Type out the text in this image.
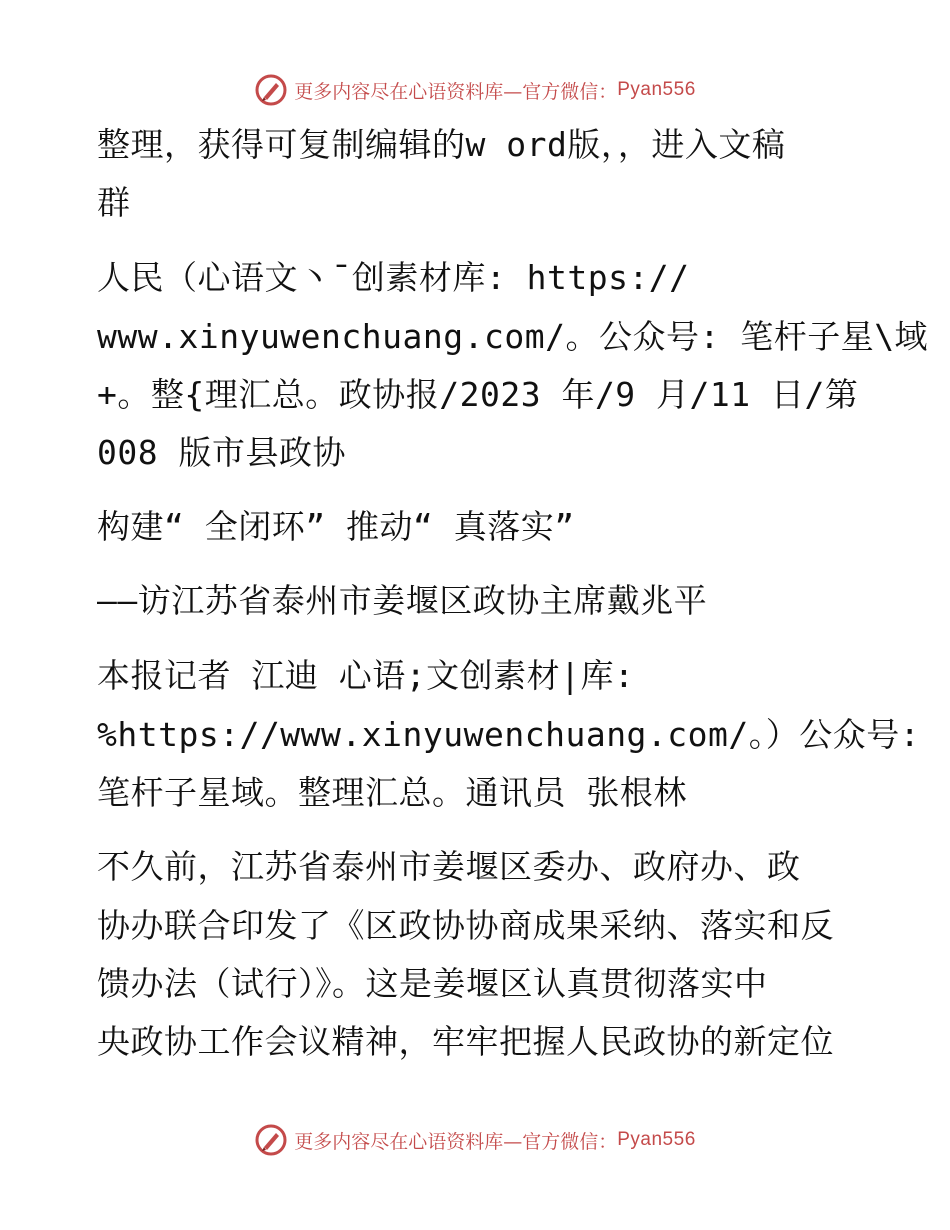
更多内容尽在心语资料库—官方微信： Pyan556
整理，获得可复制编辑的w ord版，，进入文稿
群
人民（心语文丶¯创素材库: https://
www.xinyuwenchuang.com/。公众号: 笔杆子星\域
+。整{理汇总。政协报/2023 年/9 月/11 日/第
008 版市县政协
构建“ 全闭环” 推动“ 真落实”
——访江苏省泰州市姜堰区政协主席戴兆平
本报记者 江迪 心语;文创素材|库:
%https://www.xinyuwenchuang.com/。）公众号:
笔杆子星域。整理汇总。通讯员 张根林
不久前，江苏省泰州市姜堰区委办、政府办、政
协办联合印发了《区政协协商成果采纳、落实和反
馈办法（试行）》。这是姜堰区认真贯彻落实中
央政协工作会议精神，牢牢把握人民政协的新定位
更多内容尽在心语资料库—官方微信： Pyan556
